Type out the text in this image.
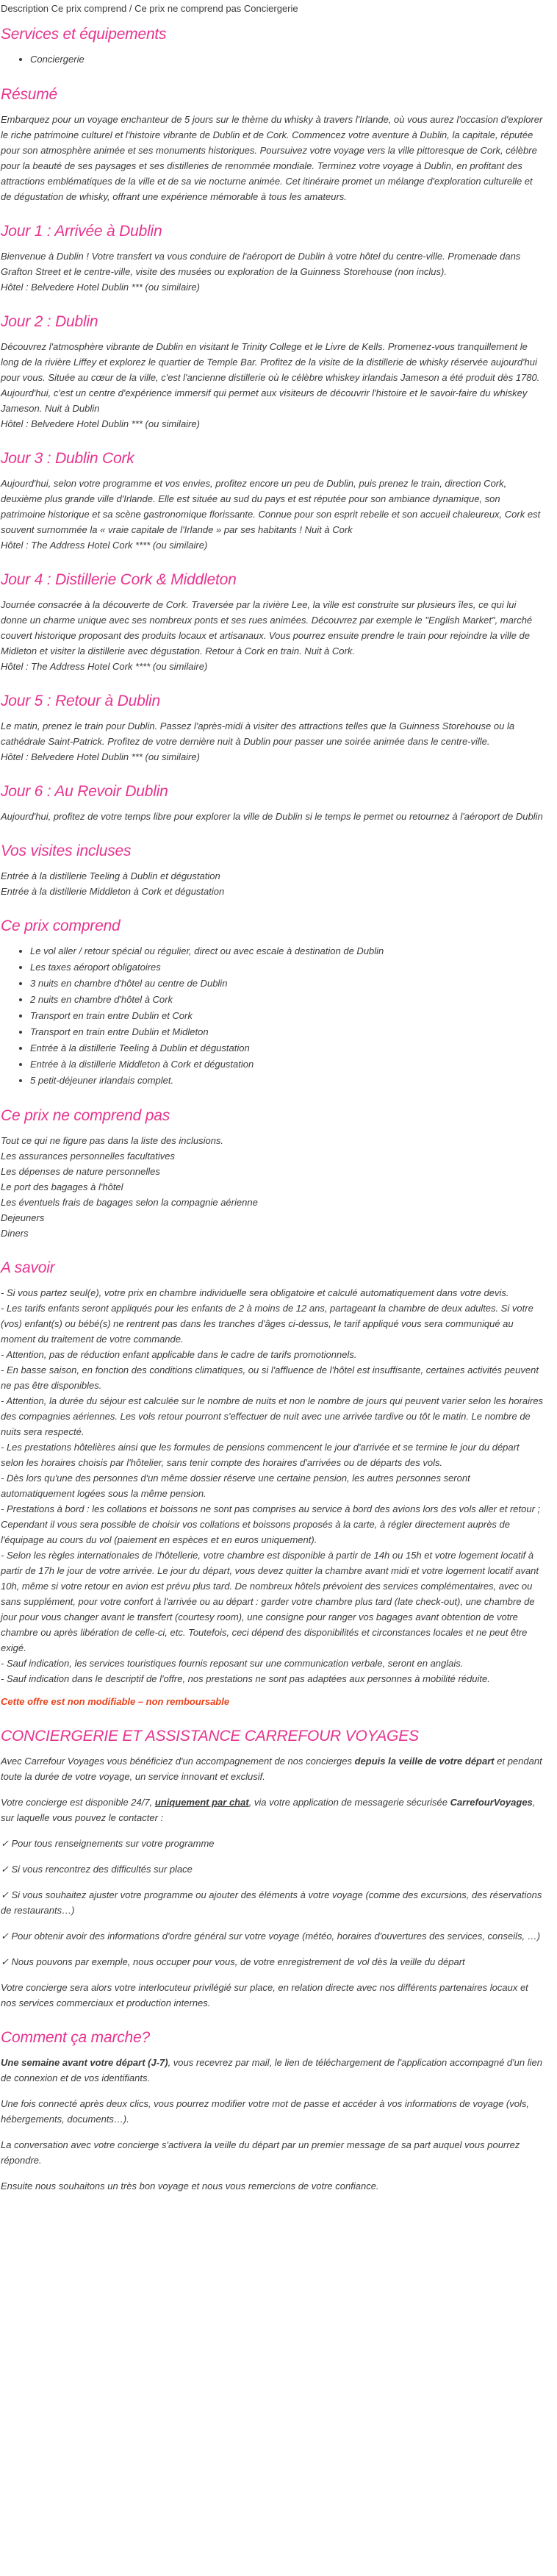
Description Ce prix comprend / Ce prix ne comprend pas Conciergerie
Services et équipements
• Conciergerie
Résumé

Embarquez pour un voyage enchanteur de 5 jours sur le thème du whisky à travers l'Irlande, où vous aurez l'occasion d'explorer le riche patrimoine culturel et l'histoire vibrante de Dublin et de Cork. Commencez votre aventure à Dublin, la capitale, réputée pour son atmosphère animée et ses monuments historiques. Poursuivez votre voyage vers la ville pittoresque de Cork, célèbre pour la beauté de ses paysages et ses distilleries de renommée mondiale. Terminez votre voyage à Dublin, en profitant des attractions emblématiques de la ville et de sa vie nocturne animée. Cet itinéraire promet un mélange d'exploration culturelle et de dégustation de whisky, offrant une expérience mémorable à tous les amateurs.

Jour 1 : Arrivée à Dublin
Bienvenue à Dublin ! Votre transfert va vous conduire de l'aéroport de Dublin à votre hôtel du centre-ville. Promenade dans Grafton Street et le centre-ville, visite des musées ou exploration de la Guinness Storehouse (non inclus).
Hôtel : Belvedere Hotel Dublin *** (ou similaire)
Jour 2 : Dublin
Découvrez l'atmosphère vibrante de Dublin en visitant le Trinity College et le Livre de Kells. Promenez-vous tranquillement le long de la rivière Liffey et explorez le quartier de Temple Bar. Profitez de la visite de la distillerie de whisky réservée aujourd'hui pour vous. Située au cœur de la ville, c'est l'ancienne distillerie où le célèbre whiskey irlandais Jameson a été produit dès 1780. Aujourd'hui, c'est un centre d'expérience immersif qui permet aux visiteurs de découvrir l'histoire et le savoir-faire du whiskey Jameson. Nuit à Dublin
Hôtel : Belvedere Hotel Dublin *** (ou similaire)
Jour 3 : Dublin Cork
Aujourd'hui, selon votre programme et vos envies, profitez encore un peu de Dublin, puis prenez le train, direction Cork, deuxième plus grande ville d'Irlande. Elle est située au sud du pays et est réputée pour son ambiance dynamique, son patrimoine historique et sa scène gastronomique florissante. Connue pour son esprit rebelle et son accueil chaleureux, Cork est souvent surnommée la « vraie capitale de l'Irlande » par ses habitants ! Nuit à Cork
Hôtel : The Address Hotel Cork **** (ou similaire)
Jour 4 : Distillerie Cork & Middleton
Journée consacrée à la découverte de Cork. Traversée par la rivière Lee, la ville est construite sur plusieurs îles, ce qui lui donne un charme unique avec ses nombreux ponts et ses rues animées. Découvrez par exemple le "English Market", marché couvert historique proposant des produits locaux et artisanaux. Vous pourrez ensuite prendre le train pour rejoindre la ville de Midleton et visiter la distillerie avec dégustation. Retour à Cork en train. Nuit à Cork.
Hôtel : The Address Hotel Cork **** (ou similaire)
Jour 5 : Retour à Dublin
Le matin, prenez le train pour Dublin. Passez l'après-midi à visiter des attractions telles que la Guinness Storehouse ou la cathédrale Saint-Patrick. Profitez de votre dernière nuit à Dublin pour passer une soirée animée dans le centre-ville.
Hôtel : Belvedere Hotel Dublin *** (ou similaire)
Jour 6 : Au Revoir Dublin
Aujourd'hui, profitez de votre temps libre pour explorer la ville de Dublin si le temps le permet ou retournez à l'aéroport de Dublin
Vos visites incluses
Entrée à la distillerie Teeling à Dublin et dégustation
Entrée à la distillerie Middleton à Cork et dégustation
Ce prix comprend
• Le vol aller / retour spécial ou régulier, direct ou avec escale à destination de Dublin
• Les taxes aéroport obligatoires
• 3 nuits en chambre d'hôtel au centre de Dublin
• 2 nuits en chambre d'hôtel à Cork
• Transport en train entre Dublin et Cork
• Transport en train entre Dublin et Midleton
• Entrée à la distillerie Teeling à Dublin et dégustation
• Entrée à la distillerie Middleton à Cork et dégustation
• 5 petit-déjeuner irlandais complet.
Ce prix ne comprend pas
Tout ce qui ne figure pas dans la liste des inclusions.
Les assurances personnelles facultatives
Les dépenses de nature personnelles
Le port des bagages à l'hôtel
Les éventuels frais de bagages selon la compagnie aérienne
Dejeuners
Diners
A savoir
- Si vous partez seul(e), votre prix en chambre individuelle sera obligatoire et calculé automatiquement dans votre devis.
- Les tarifs enfants seront appliqués pour les enfants de 2 à moins de 12 ans, partageant la chambre de deux adultes. Si votre (vos) enfant(s) ou bébé(s) ne rentrent pas dans les tranches d'âges ci-dessus, le tarif appliqué vous sera communiqué au moment du traitement de votre commande.
- Attention, pas de réduction enfant applicable dans le cadre de tarifs promotionnels.
- En basse saison, en fonction des conditions climatiques, ou si l'affluence de l'hôtel est insuffisante, certaines activités peuvent ne pas être disponibles.
- Attention, la durée du séjour est calculée sur le nombre de nuits et non le nombre de jours qui peuvent varier selon les horaires des compagnies aériennes. Les vols retour pourront s'effectuer de nuit avec une arrivée tardive ou tôt le matin. Le nombre de nuits sera respecté.
- Les prestations hôtelières ainsi que les formules de pensions commencent le jour d'arrivée et se termine le jour du départ selon les horaires choisis par l'hôtelier, sans tenir compte des horaires d'arrivées ou de départs des vols.
- Dès lors qu'une des personnes d'un même dossier réserve une certaine pension, les autres personnes seront automatiquement logées sous la même pension.
- Prestations à bord : les collations et boissons ne sont pas comprises au service à bord des avions lors des vols aller et retour ; Cependant il vous sera possible de choisir vos collations et boissons proposés à la carte, à régler directement auprès de l'équipage au cours du vol (paiement en espèces et en euros uniquement).
- Selon les règles internationales de l'hôtellerie, votre chambre est disponible à partir de 14h ou 15h et votre logement locatif à partir de 17h le jour de votre arrivée. Le jour du départ, vous devez quitter la chambre avant midi et votre logement locatif avant 10h, même si votre retour en avion est prévu plus tard. De nombreux hôtels prévoient des services complémentaires, avec ou sans supplément, pour votre confort à l'arrivée ou au départ : garder votre chambre plus tard (late check-out), une chambre de jour pour vous changer avant le transfert (courtesy room), une consigne pour ranger vos bagages avant obtention de votre chambre ou après libération de celle-ci, etc. Toutefois, ceci dépend des disponibilités et circonstances locales et ne peut être exigé.
- Sauf indication, les services touristiques fournis reposant sur une communication verbale, seront en anglais.
- Sauf indication dans le descriptif de l'offre, nos prestations ne sont pas adaptées aux personnes à mobilité réduite.
Cette offre est non modifiable – non remboursable
CONCIERGERIE ET ASSISTANCE CARREFOUR VOYAGES

Avec Carrefour Voyages vous bénéficiez d'un accompagnement de nos concierges depuis la veille de votre départ et pendant toute la durée de votre voyage, un service innovant et exclusif.

Votre concierge est disponible 24/7, uniquement par chat, via votre application de messagerie sécurisée CarrefourVoyages, sur laquelle vous pouvez le contacter :

✓ Pour tous renseignements sur votre programme

✓ Si vous rencontrez des difficultés sur place

✓ Si vous souhaitez ajuster votre programme ou ajouter des éléments à votre voyage (comme des excursions, des réservations de restaurants…)

✓ Pour obtenir avoir des informations d'ordre général sur votre voyage (météo, horaires d'ouvertures des services, conseils, …)

✓ Nous pouvons par exemple, nous occuper pour vous, de votre enregistrement de vol dès la veille du départ

Votre concierge sera alors votre interlocuteur privilégié sur place, en relation directe avec nos différents partenaires locaux et nos services commerciaux et production internes.

Comment ça marche?

Une semaine avant votre départ (J-7), vous recevrez par mail, le lien de téléchargement de l'application accompagné d'un lien de connexion et de vos identifiants.

Une fois connecté après deux clics, vous pourrez modifier votre mot de passe et accéder à vos informations de voyage (vols, hébergements, documents…).

La conversation avec votre concierge s'activera la veille du départ par un premier message de sa part auquel vous pourrez répondre.

Ensuite nous souhaitons un très bon voyage et nous vous remercions de votre confiance.
